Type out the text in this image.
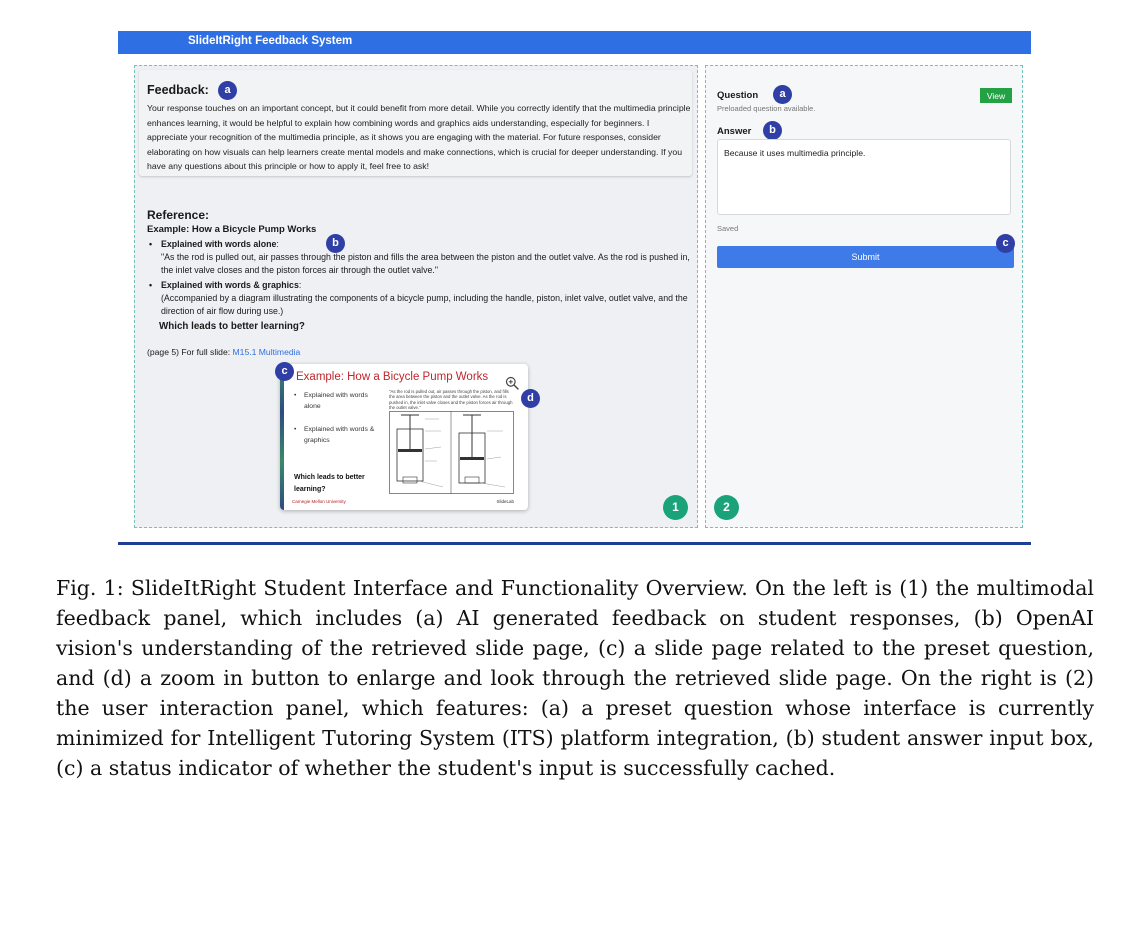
SlideItRight Feedback System
Feedback:	a
Your response touches on an important concept, but it could benefit from more detail. While you correctly identify that the multimedia principle enhances learning, it would be helpful to explain how combining words and graphics aids understanding, especially for beginners. I appreciate your recognition of the multimedia principle, as it shows you are engaging with the material. For future responses, consider elaborating on how visuals can help learners create mental models and make connections, which is crucial for deeper understanding. If you have any questions about this principle or how to apply it, feel free to ask!
Reference:
Example: How a Bicycle Pump Works
b
• Explained with words alone:
"As the rod is pulled out, air passes through the piston and fills the area between the piston and the outlet valve. As the rod is pushed in, the inlet valve closes and the piston forces air through the outlet valve."
• Explained with words & graphics:
(Accompanied by a diagram illustrating the components of a bicycle pump, including the handle, piston, inlet valve, outlet valve, and the direction of air flow during use.)
Which leads to better learning?
(page 5) For full slide: M15.1 Multimedia
Example: How a Bicycle Pump Works
• Explained with words alone
• Explained with words & graphics
Which leads to better learning?
"As the rod is pulled out, air passes through the piston, and fills the area between the piston and the outlet valve. As the rod is pushed in, the inlet valve closes and the piston forces air through the outlet valve."
Carnegie Mellon University	SlideLab
c
d
1
Question	a
Preloaded question available.
View
Answer	b
Because it uses multimedia principle.
Saved
Submit
c
2
Fig. 1: SlideItRight Student Interface and Functionality Overview. On the left is (1) the multimodal feedback panel, which includes (a) AI generated feedback on student responses, (b) OpenAI vision's understanding of the retrieved slide page, (c) a slide page related to the preset question, and (d) a zoom in button to enlarge and look through the retrieved slide page. On the right is (2) the user interaction panel, which features: (a) a preset question whose interface is currently minimized for Intelligent Tutoring System (ITS) platform integration, (b) student answer input box, (c) a status indicator of whether the student's input is successfully cached.
